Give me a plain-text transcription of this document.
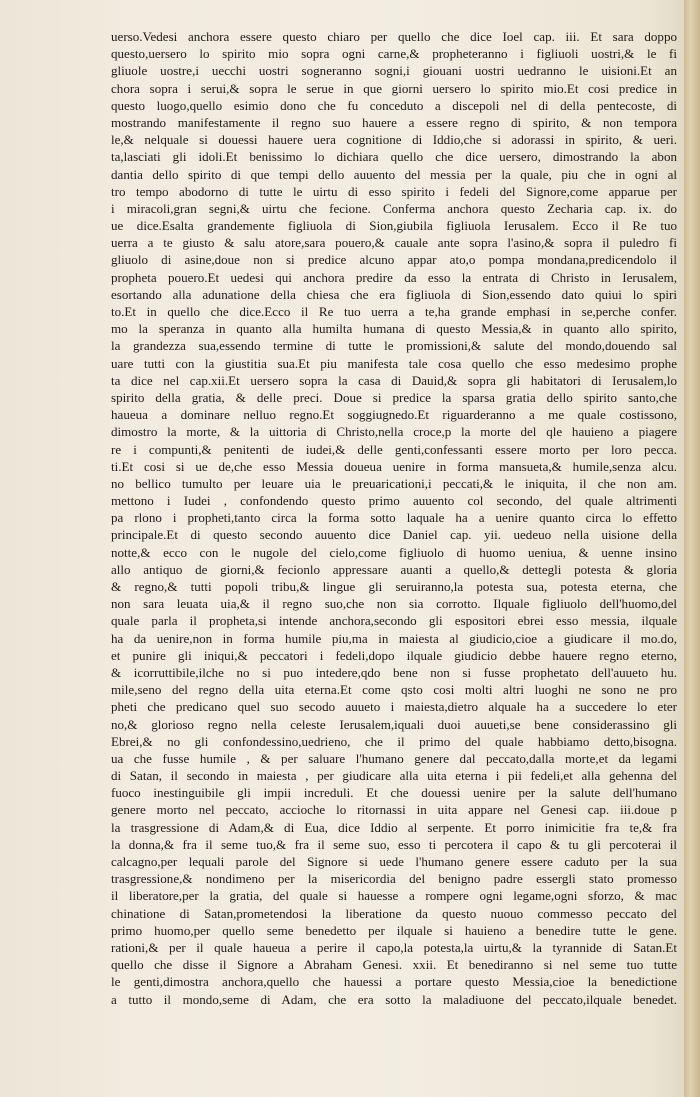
uerso.Vedesi anchora essere questo chiaro per quello che dice Ioel cap. iii. Et sara doppo
questo,uersero lo spirito mio sopra ogni carne,& propheteranno i figliuoli uostri,& le fi
gliuole uostre,i uecchi uostri sogneranno sogni,i giouani uostri uedranno le uisioni.Et an
chora sopra i serui,& sopra le serue in que giorni uersero lo spirito mio.Et cosi predice in
questo luogo,quello esimio dono che fu conceduto a discepoli nel di della pentecoste, di
mostrando manifestamente il regno suo hauere a essere regno di spirito, & non tempora
le,& nelquale si douessi hauere uera cognitione di Iddio,che si adorassi in spirito, & ueri.
ta,lasciati gli idoli.Et benissimo lo dichiara quello che dice uersero, dimostrando la abon
dantia dello spirito di que tempi dello auuento del messia per la quale, piu che in ogni al
tro tempo abodorno di tutte le uirtu di esso spirito i fedeli del Signore,come apparue per
i miracoli,gran segni,& uirtu che fecione. Conferma anchora questo Zecharia cap. ix. do
ue dice.Esalta grandemente figliuola di Sion,giubila figliuola Ierusalem. Ecco il Re tuo
uerra a te giusto & salu atore,sara pouero,& cauale ante sopra l'asino,& sopra il puledro fi
gliuolo di asine,doue non si predice alcuno appar ato,o pompa mondana,predicendolo il
propheta pouero.Et uedesi qui anchora predire da esso la entrata di Christo in Ierusalem,
esortando alla adunatione della chiesa che era figliuola di Sion,essendo dato quiui lo spiri
to.Et in quello che dice.Ecco il Re tuo uerra a te,ha grande emphasi in se,perche confer.
mo la speranza in quanto alla humilta humana di questo Messia,& in quanto allo spirito,
la grandezza sua,essendo termine di tutte le promissioni,& salute del mondo,douendo sal
uare tutti con la giustitia sua.Et piu manifesta tale cosa quello che esso medesimo prophe
ta dice nel cap.xii.Et uersero sopra la casa di Dauid,& sopra gli habitatori di Ierusalem,lo
spirito della gratia, & delle preci. Doue si predice la sparsa gratia dello spirito santo,che
haueua a dominare nelluo regno.Et soggiugnedo.Et riguarderanno a me quale costissono,
dimostro la morte, & la uittoria di Christo,nella croce,p la morte del qle hauieno a piagere
re i compunti,& penitenti de iudei,& delle genti,confessanti essere morto per loro pecca.
ti.Et cosi si ue de,che esso Messia doueua uenire in forma mansueta,& humile,senza alcu.
no bellico tumulto per leuare uia le preuaricationi,i peccati,& le iniquita, il che non am.
mettono i Iudei , confondendo questo primo auuento col secondo, del quale altrimenti
pa rlono i propheti,tanto circa la forma sotto laquale ha a uenire quanto circa lo effetto
principale.Et di questo secondo auuento dice Daniel cap. yii. uedeuo nella uisione della
notte,& ecco con le nugole del cielo,come figliuolo di huomo ueniua, & uenne insino
allo antiquo de giorni,& fecionlo appressare auanti a quello,& dettegli potesta & gloria
& regno,& tutti popoli tribu,& lingue gli seruiranno,la potesta sua, potesta eterna, che
non sara leuata uia,& il regno suo,che non sia corrotto. Ilquale figliuolo dell'huomo,del
quale parla il propheta,si intende anchora,secondo gli espositori ebrei esso messia, ilquale
ha da uenire,non in forma humile piu,ma in maiesta al giudicio,cioe a giudicare il mo.do,
et punire gli iniqui,& peccatori i fedeli,dopo ilquale giudicio debbe hauere regno eterno,
& icorruttibile,ilche no si puo intedere,qdo bene non si fusse prophetato dell'auueto hu.
mile,seno del regno della uita eterna.Et come qsto cosi molti altri luoghi ne sono ne pro
pheti che predicano quel suo secodo auueto i maiesta,dietro alquale ha a succedere lo eter
no,& glorioso regno nella celeste Ierusalem,iquali duoi auueti,se bene considerassino gli
Ebrei,& no gli confondessino,uedrieno, che il primo del quale habbiamo detto,bisogna.
ua che fusse humile , & per saluare l'humano genere dal peccato,dalla morte,et da legami
di Satan, il secondo in maiesta , per giudicare alla uita eterna i pii fedeli,et alla gehenna del
fuoco inestinguibile gli impii increduli. Et che douessi uenire per la salute dell'humano
genere morto nel peccato, accioche lo ritornassi in uita appare nel Genesi cap. iii.doue p
la trasgressione di Adam,& di Eua, dice Iddio al serpente. Et porro inimicitie fra te,& fra
la donna,& fra il seme tuo,& fra il seme suo, esso ti percotera il capo & tu gli percoterai il
calcagno,per lequali parole del Signore si uede l'humano genere essere caduto per la sua
trasgressione,& nondimeno per la misericordia del benigno padre essergli stato promesso
il liberatore,per la gratia, del quale si hauesse a rompere ogni legame,ogni sforzo, & mac
chinatione di Satan,prometendosi la liberatione da questo nuouo commesso peccato del
primo huomo,per quello seme benedetto per ilquale si hauieno a benedire tutte le gene.
rationi,& per il quale haueua a perire il capo,la potesta,la uirtu,& la tyrannide di Satan.Et
quello che disse il Signore a Abraham Genesi. xxii. Et benediranno si nel seme tuo tutte
le genti,dimostra anchora,quello che hauessi a portare questo Messia,cioe la benedictione
a tutto il mondo,seme di Adam, che era sotto la maladiuone del peccato,ilquale benedet.
